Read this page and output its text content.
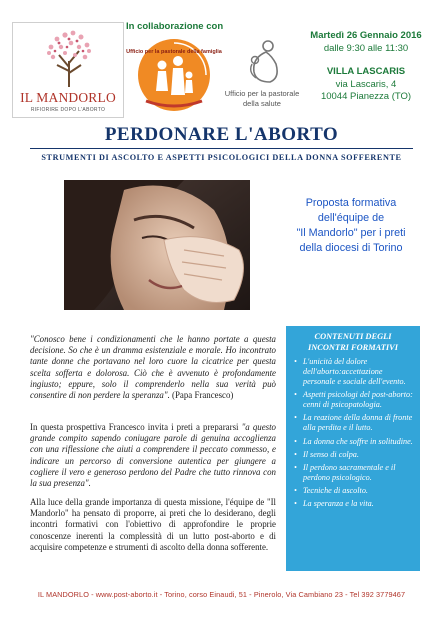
IL MANDORLO
RIFIORIRE DOPO L'ABORTO
In collaborazione con
Ufficio per la pastorale della famiglia
Ufficio per la pastorale
della salute
Martedì 26 Gennaio 2016
dalle 9:30 alle 11:30
VILLA LASCARIS
via Lascaris, 4
10044 Pianezza (TO)
PERDONARE L'ABORTO
STRUMENTI DI ASCOLTO E ASPETTI PSICOLOGICI DELLA DONNA SOFFERENTE
Proposta formativa
dell'équipe de
"Il Mandorlo" per i preti
della diocesi di Torino

"Conosco bene i condizionamenti che le hanno portate a questa decisione. So che è un dramma esistenziale e morale. Ho incontrato tante donne che portavano nel loro cuore la cicatrice per questa scelta sofferta e dolorosa. Ciò che è avvenuto è profondamente ingiusto; eppure, solo il comprenderlo nella sua verità può consentire di non perdere la speranza". (Papa Francesco)

In questa prospettiva Francesco invita i preti a prepararsi "a questo grande compito sapendo coniugare parole di genuina accoglienza con una riflessione che aiuti a comprendere il peccato commesso, e indicare un percorso di conversione autentica per giungere a cogliere il vero e generoso perdono del Padre che tutto rinnova con la sua presenza".

Alla luce della grande importanza di questa missione, l'équipe de "Il Mandorlo" ha pensato di proporre, ai preti che lo desiderano, degli incontri formativi con l'obiettivo di approfondire le proprie conoscenze inerenti la complessità di un lutto post-aborto e di acquisire competenze e strumenti di ascolto della donna sofferente.

CONTENUTI DEGLI
INCONTRI FORMATIVI
• L'unicità del dolore dell'aborto:accettazione personale e sociale dell'evento.
• Aspetti psicologi del post-aborto: cenni di psicopatologia.
• La reazione della donna di fronte alla perdita e il lutto.
• La donna che soffre in solitudine.
• Il senso di colpa.
• Il perdono sacramentale e il perdono psicologico.
• Tecniche di ascolto.
• La speranza e la vita.
IL MANDORLO - www.post-aborto.it - Torino, corso Einaudi, 51 - Pinerolo, Via Cambiano 23 - Tel 392 3779467
